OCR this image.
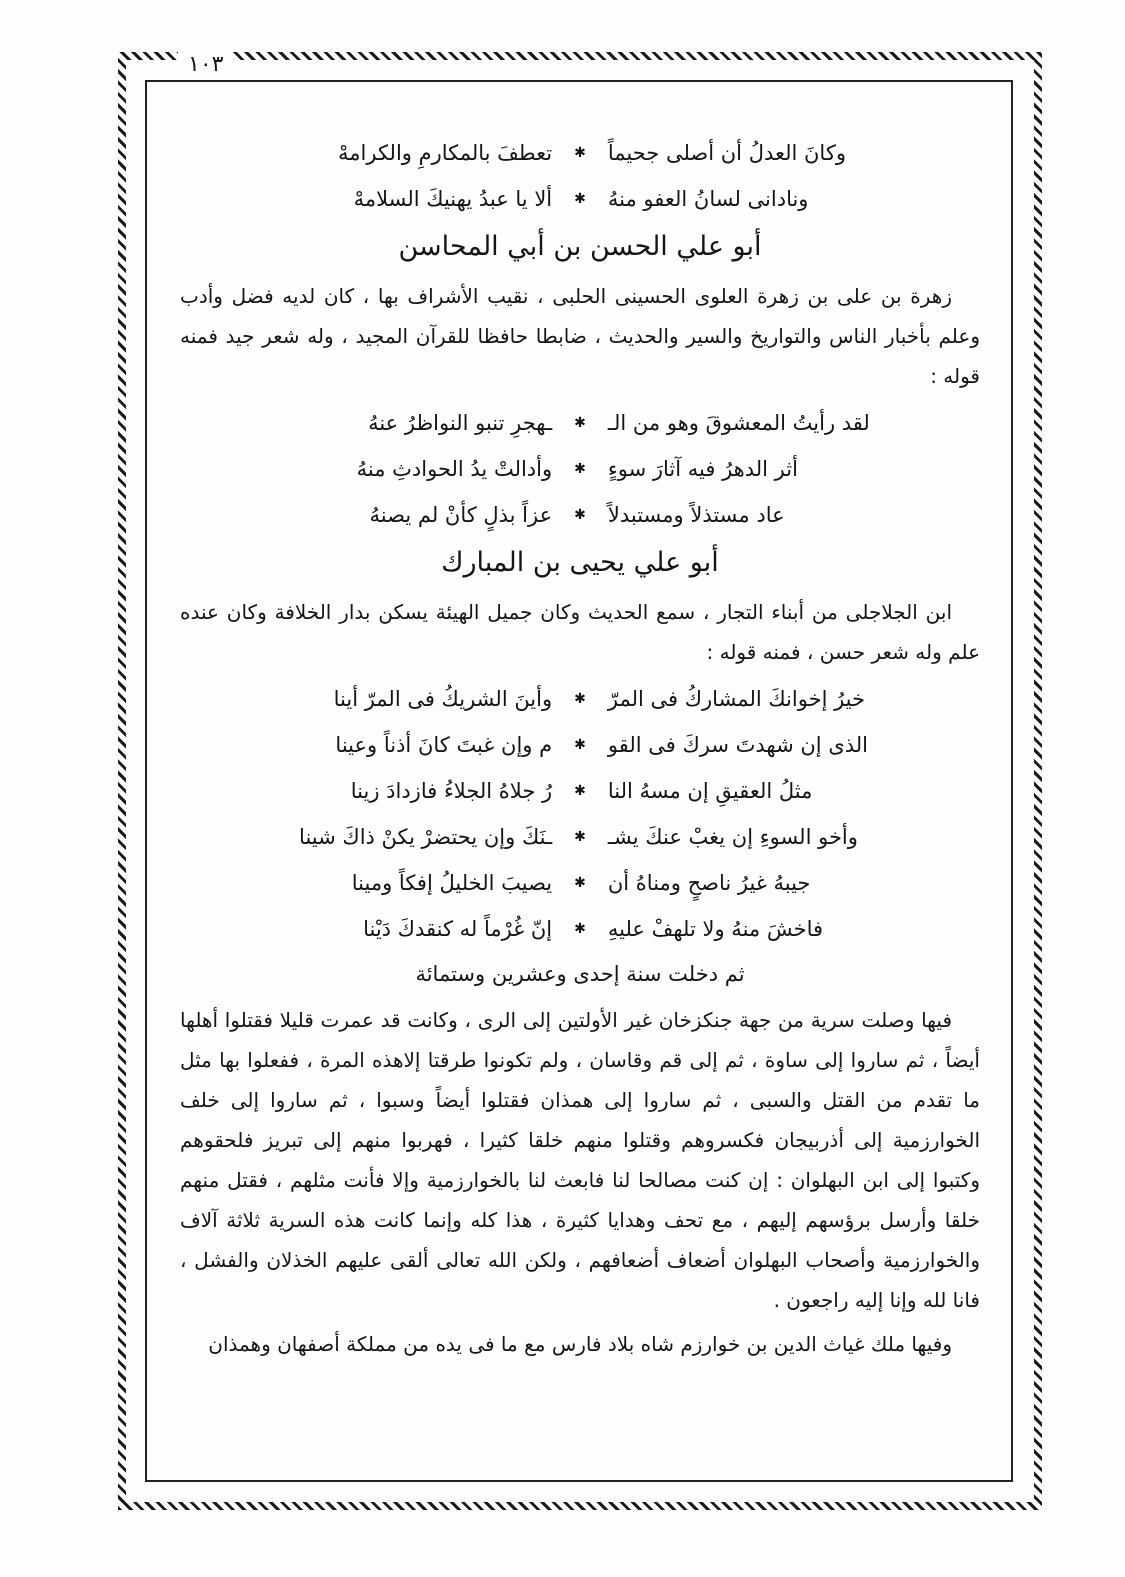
١٠٣
وكانَ العدلُ أن أصلى جحيماً
✱
تعطفَ بالمكارمِ والكرامهْ
ونادانى لسانُ العفو منهُ
✱
ألا يا عبدُ يهنيكَ السلامهْ
أبو علي الحسن بن أبي المحاسن

زهرة بن على بن زهرة العلوى الحسينى الحلبى ، نقيب الأشراف بها ، كان لديه فضل وأدب وعلم بأخبار الناس والتواريخ والسير والحديث ، ضابطا حافظا للقرآن المجيد ، وله شعر جيد فمنه قوله :

لقد رأيتُ المعشوقَ وهو من الـ
✱
ـهجرِ تنبو النواظرُ عنهُ
أثر الدهرُ فيه آثارَ سوءٍ
✱
وأدالتْ يدُ الحوادثِ منهُ
عاد مستذلاً ومستبدلاً
✱
عزاً بذلٍ كأنْ لم يصنهُ
أبو علي يحيى بن المبارك

ابن الجلاجلى من أبناء التجار ، سمع الحديث وكان جميل الهيئة يسكن بدار الخلافة وكان عنده علم وله شعر حسن ، فمنه قوله :

خيرُ إخوانكَ المشاركُ فى المرّ
✱
وأينَ الشريكُ فى المرّ أينا
الذى إن شهدتَ سركَ فى القو
✱
م وإن غبتَ كانَ أذناً وعينا
مثلُ العقيقِ إن مسهُ النا
✱
رُ جلاهُ الجلاءُ فازدادَ زينا
وأخو السوءِ إن يغبْ عنكَ يشـ
✱
ـنَكَ وإن يحتضرْ يكنْ ذاكَ شينا
جيبهُ غيرُ ناصحٍ ومناهُ أن
✱
يصيبَ الخليلُ إفكاً ومينا
فاخشَ منهُ ولا تلهفْ عليهِ
✱
إنّ غُرْماً له كنقدكَ دَيْنا
ثم دخلت سنة إحدى وعشرين وستمائة

فيها وصلت سرية من جهة جنكزخان غير الأولتين إلى الرى ، وكانت قد عمرت قليلا فقتلوا أهلها أيضاً ، ثم ساروا إلى ساوة ، ثم إلى قم وقاسان ، ولم تكونوا طرقتا إلاهذه المرة ، ففعلوا بها مثل ما تقدم من القتل والسبى ، ثم ساروا إلى همذان فقتلوا أيضاً وسبوا ، ثم ساروا إلى خلف الخوارزمية إلى أذربيجان فكسروهم وقتلوا منهم خلقا كثيرا ، فهربوا منهم إلى تبريز فلحقوهم وكتبوا إلى ابن البهلوان : إن كنت مصالحا لنا فابعث لنا بالخوارزمية وإلا فأنت مثلهم ، فقتل منهم خلقا وأرسل برؤسهم إليهم ، مع تحف وهدايا كثيرة ، هذا كله وإنما كانت هذه السرية ثلاثة آلاف والخوارزمية وأصحاب البهلوان أضعاف أضعافهم ، ولكن الله تعالى ألقى عليهم الخذلان والفشل ، فانا لله وإنا إليه راجعون .

وفيها ملك غياث الدين بن خوارزم شاه بلاد فارس مع ما فى يده من مملكة أصفهان وهمذان
